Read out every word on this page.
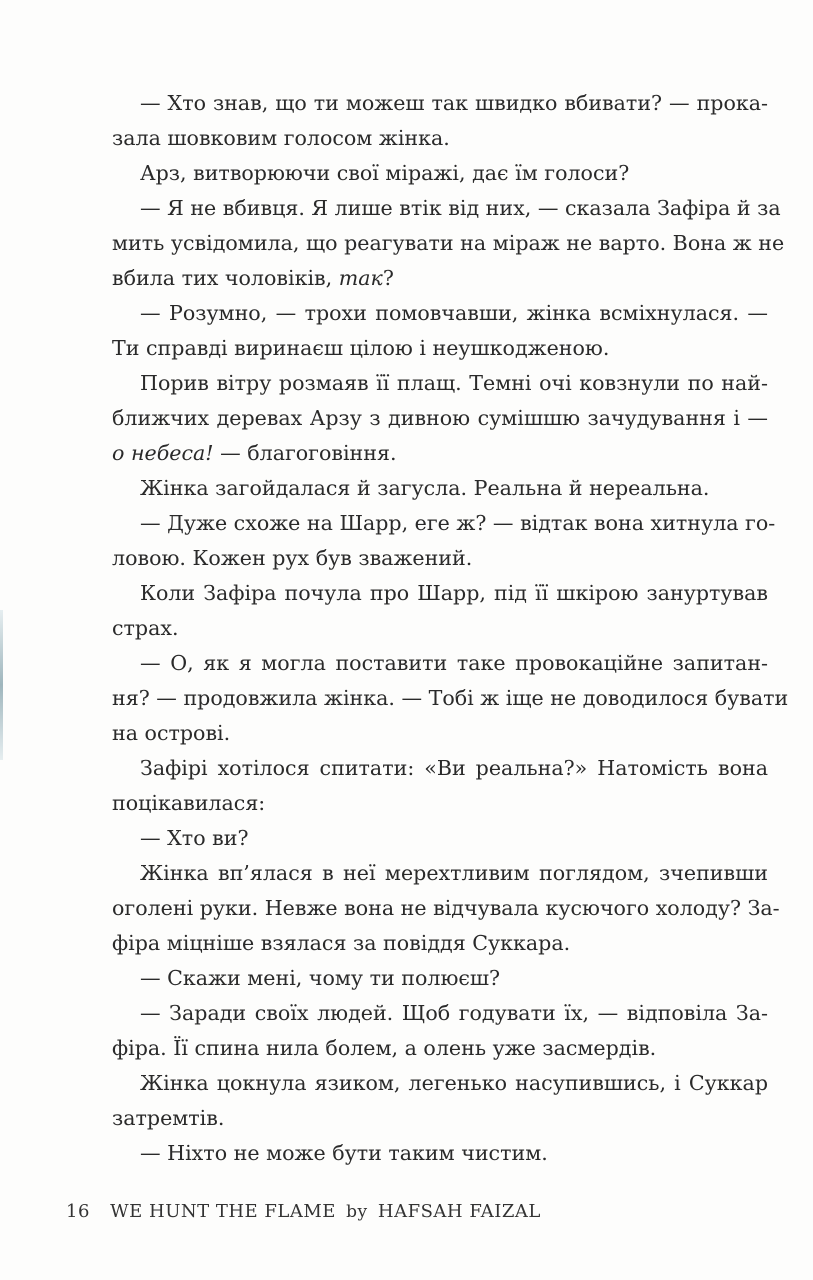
— Хто знав, що ти можеш так швидко вбивати? — прока-
зала шовковим голосом жінка.
Арз, витворюючи свої міражі, дає їм голоси?
— Я не вбивця. Я лише втік від них, — сказала Зафіра й за
мить усвідомила, що реагувати на міраж не варто. Вона ж не
вбила тих чоловіків, так?
— Розумно, — трохи помовчавши, жінка всміхнулася. —
Ти справді виринаєш цілою і неушкодженою.
Порив вітру розмаяв її плащ. Темні очі ковзнули по най-
ближчих деревах Арзу з дивною сумішшю зачудування і —
о небеса! — благоговіння.
Жінка загойдалася й загусла. Реальна й нереальна.
— Дуже схоже на Шарр, еге ж? — відтак вона хитнула го-
ловою. Кожен рух був зважений.
Коли Зафіра почула про Шарр, під її шкірою зануртував
страх.
— О, як я могла поставити таке провокаційне запитан-
ня? — продовжила жінка. — Тобі ж іще не доводилося бувати
на острові.
Зафірі хотілося спитати: «Ви реальна?» Натомість вона
поцікавилася:
— Хто ви?
Жінка вп’ялася в неї мерехтливим поглядом, зчепивши
оголені руки. Невже вона не відчувала кусючого холоду? За-
фіра міцніше взялася за повіддя Суккара.
— Скажи мені, чому ти полюєш?
— Заради своїх людей. Щоб годувати їх, — відповіла За-
фіра. Її спина нила болем, а олень уже засмердів.
Жінка цокнула язиком, легенько насупившись, і Суккар
затремтів.
— Ніхто не може бути таким чистим.
16 WE HUNT THE FLAME by HAFSAH FAIZAL
